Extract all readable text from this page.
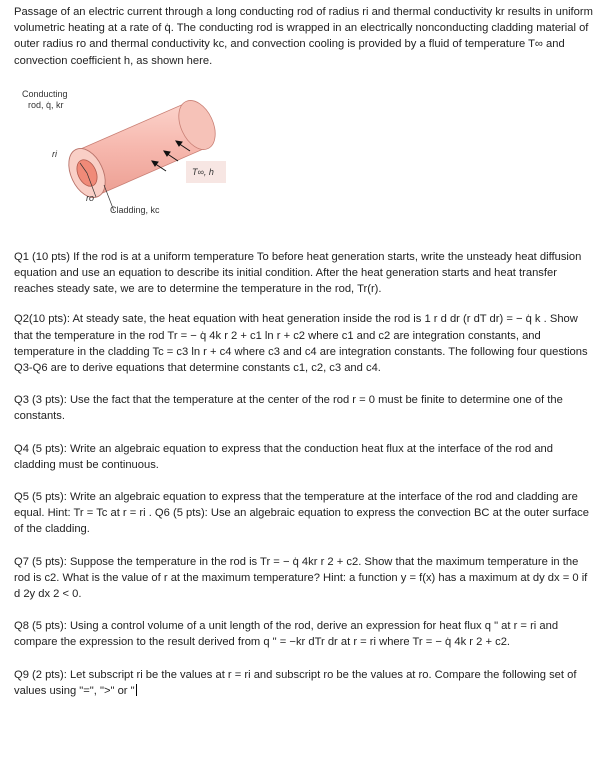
Passage of an electric current through a long conducting rod of radius ri and thermal conductivity kr results in uniform volumetric heating at a rate of q̇. The conducting rod is wrapped in an electrically nonconducting cladding material of outer radius ro and thermal conductivity kc, and convection cooling is provided by a fluid of temperature T∞ and convection coefficient h, as shown here.

Conducting
rod, q̇, kr
T∞, h
ri
ro
Cladding, kc

Q1 (10 pts) If the rod is at a uniform temperature To before heat generation starts, write the unsteady heat diffusion equation and use an equation to describe its initial condition. After the heat generation starts and heat transfer reaches steady sate, we are to determine the temperature in the rod, Tr(r).

Q2(10 pts): At steady sate, the heat equation with heat generation inside the rod is 1 r d dr (r dT dr) = − q̇ k . Show that the temperature in the rod Tr = − q̇ 4k r 2 + c1 ln r + c2 where c1 and c2 are integration constants, and temperature in the cladding Tc = c3 ln r + c4 where c3 and c4 are integration constants. The following four questions Q3-Q6 are to derive equations that determine constants c1, c2, c3 and c4.

Q3 (3 pts): Use the fact that the temperature at the center of the rod r = 0 must be finite to determine one of the constants.

Q4 (5 pts): Write an algebraic equation to express that the conduction heat flux at the interface of the rod and cladding must be continuous.

Q5 (5 pts): Write an algebraic equation to express that the temperature at the interface of the rod and cladding are equal. Hint: Tr = Tc at r = ri . Q6 (5 pts): Use an algebraic equation to express the convection BC at the outer surface of the cladding.

Q7 (5 pts): Suppose the temperature in the rod is Tr = − q̇ 4kr r 2 + c2. Show that the maximum temperature in the rod is c2. What is the value of r at the maximum temperature? Hint: a function y = f(x) has a maximum at dy dx = 0 if d 2y dx 2 < 0.

Q8 (5 pts): Using a control volume of a unit length of the rod, derive an expression for heat flux q " at r = ri and compare the expression to the result derived from q " = −kr dTr dr at r = ri where Tr = − q̇ 4k r 2 + c2.

Q9 (2 pts): Let subscript ri be the values at r = ri and subscript ro be the values at ro. Compare the following set of values using "=", ">" or "
